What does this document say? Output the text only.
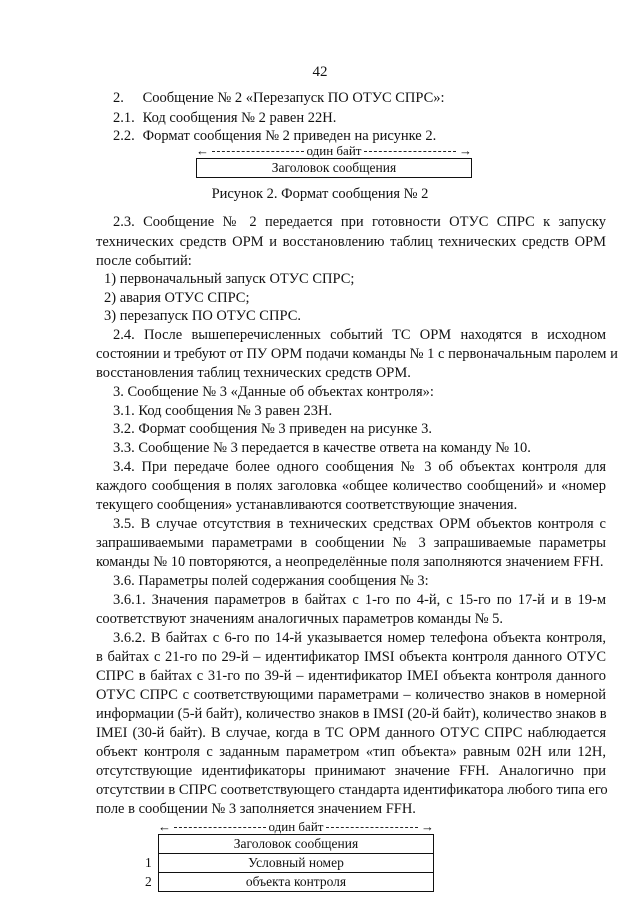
42
2. Сообщение № 2 «Перезапуск ПО ОТУС СПРС»:
2.1. Код сообщения № 2 равен 22H.
2.2. Формат сообщения № 2 приведен на рисунке 2.
←	один байт	→
Заголовок сообщения
Рисунок 2. Формат сообщения № 2
2.3. Сообщение № 2 передается при готовности ОТУС СПРС к запуску
технических средств ОРМ и восстановлению таблиц технических средств ОРМ
после событий:
1) первоначальный запуск ОТУС СПРС;
2) авария ОТУС СПРС;
3) перезапуск ПО ОТУС СПРС.
2.4. После вышеперечисленных событий ТС ОРМ находятся в исходном
состоянии и требуют от ПУ ОРМ подачи команды № 1 с первоначальным паролем и
восстановления таблиц технических средств ОРМ.
3. Сообщение № 3 «Данные об объектах контроля»:
3.1. Код сообщения № 3 равен 23H.
3.2. Формат сообщения № 3 приведен на рисунке 3.
3.3. Сообщение № 3 передается в качестве ответа на команду № 10.
3.4. При передаче более одного сообщения № 3 об объектах контроля для
каждого сообщения в полях заголовка «общее количество сообщений» и «номер
текущего сообщения» устанавливаются соответствующие значения.
3.5. В случае отсутствия в технических средствах ОРМ объектов контроля с
запрашиваемыми параметрами в сообщении № 3 запрашиваемые параметры
команды № 10 повторяются, а неопределённые поля заполняются значением FFH.
3.6. Параметры полей содержания сообщения № 3:
3.6.1. Значения параметров в байтах с 1-го по 4-й, с 15-го по 17-й и в 19-м
соответствуют значениям аналогичных параметров команды № 5.
3.6.2. В байтах с 6-го по 14-й указывается номер телефона объекта контроля,
в байтах с 21-го по 29-й – идентификатор IMSI объекта контроля данного ОТУС
СПРС в байтах с 31-го по 39-й – идентификатор IMEI объекта контроля данного
ОТУС СПРС с соответствующими параметрами – количество знаков в номерной
информации (5-й байт), количество знаков в IMSI (20-й байт), количество знаков в
IMEI (30-й байт). В случае, когда в ТС ОРМ данного ОТУС СПРС наблюдается
объект контроля с заданным параметром «тип объекта» равным 02H или 12H,
отсутствующие идентификаторы принимают значение FFH. Аналогично при
отсутствии в СПРС соответствующего стандарта идентификатора любого типа его
поле в сообщении № 3 заполняется значением FFH.
←	один байт	→
Заголовок сообщения
1	Условный номер
2	объекта контроля
